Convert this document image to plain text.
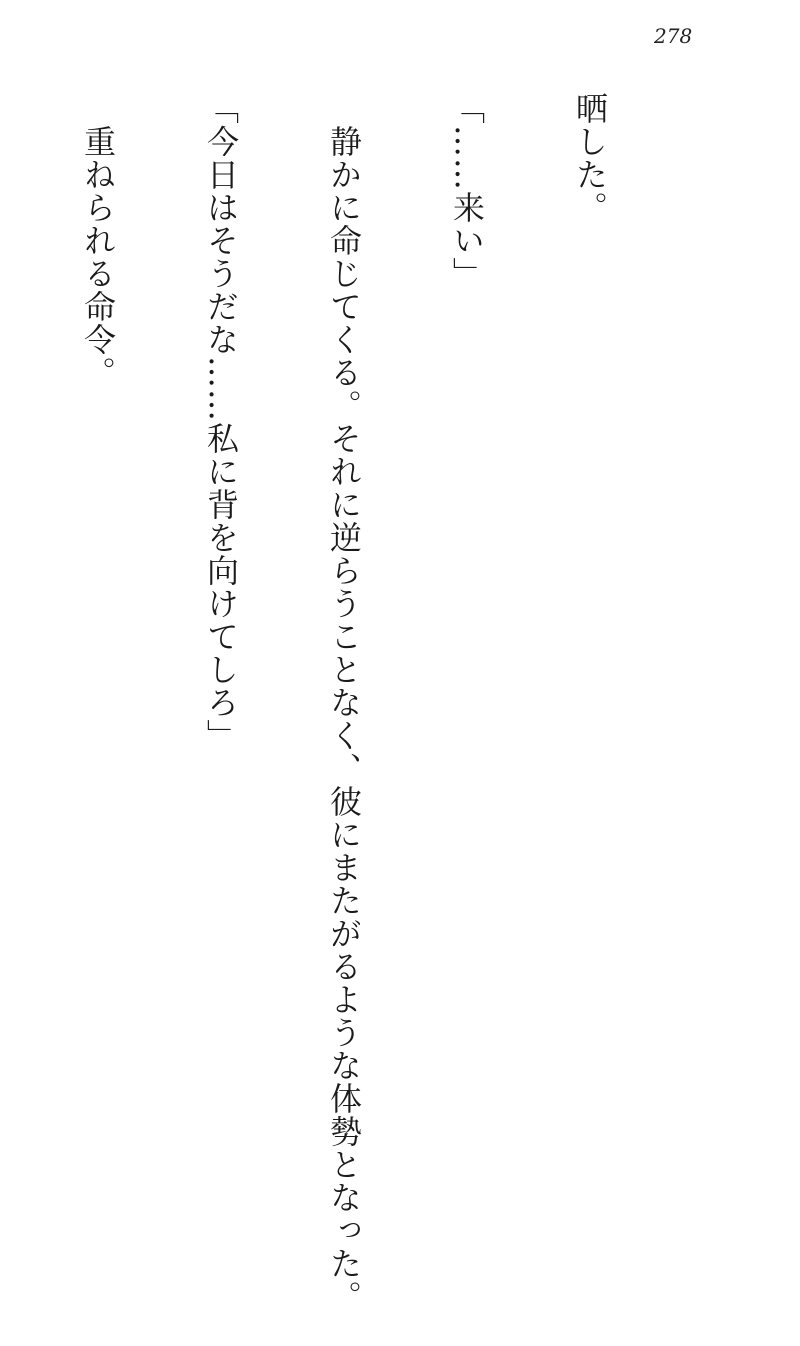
278

晒した。

「……来い」

　静かに命じてくる。それに逆らうことなく、彼にまたがるような体勢となった。

「今日はそうだな……私に背を向けてしろ」

　重ねられる命令。
